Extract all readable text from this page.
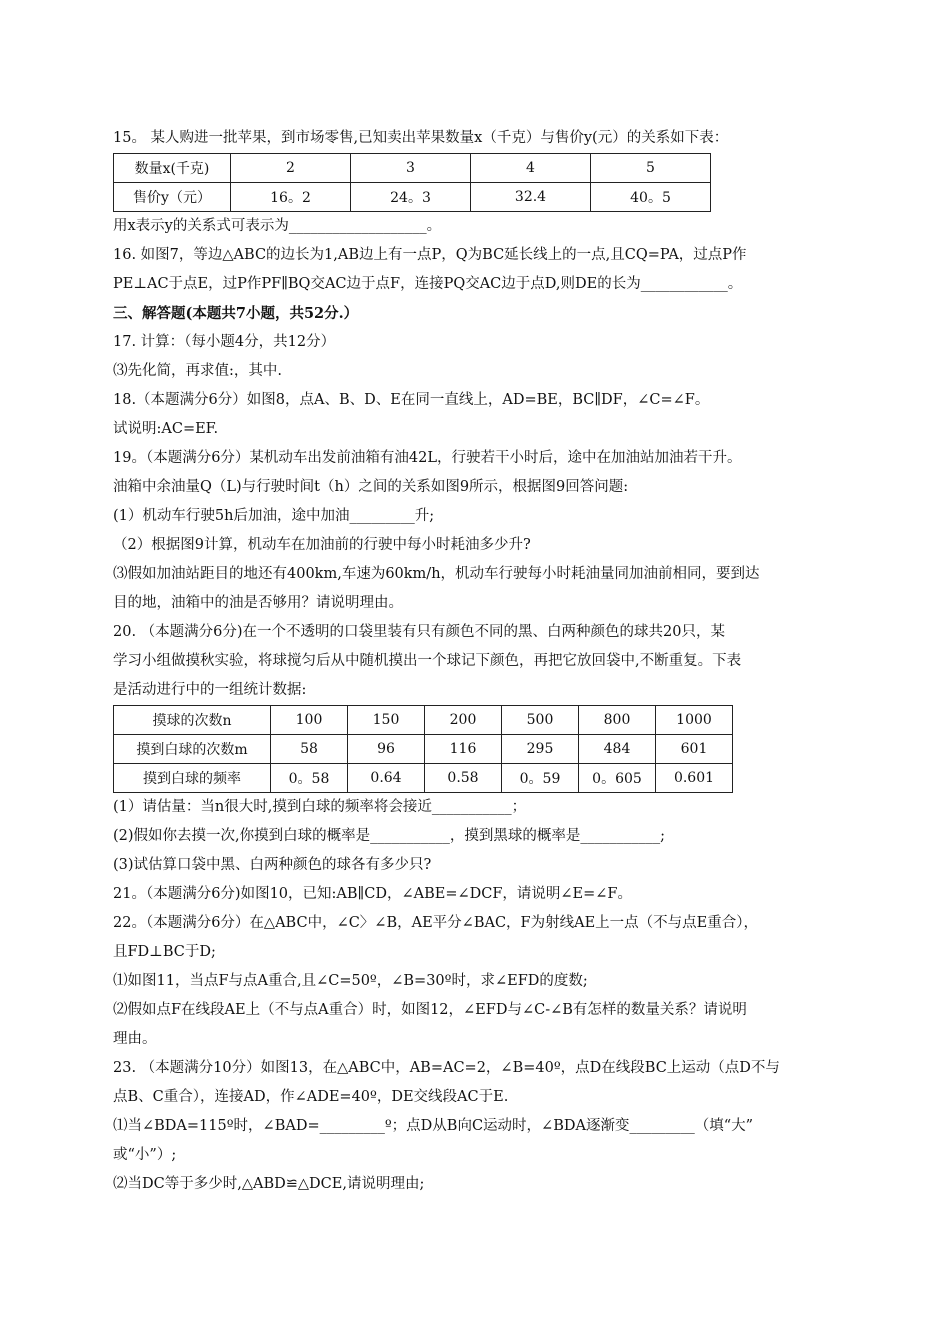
15。 某人购进一批苹果，到市场零售,已知卖出苹果数量x（千克）与售价y(元）的关系如下表：
数量x(千克)	2	3	4	5
售价y（元）	16。2	24。3	32.4	40。5
用x表示y的关系式可表示为___________________。
16. 如图7，等边△ABC的边长为1,AB边上有一点P，Q为BC延长线上的一点,且CQ=PA，过点P作
PE⊥AC于点E，过P作PF∥BQ交AC边于点F，连接PQ交AC边于点D,则DE的长为____________。
三、解答题(本题共7小题，共52分.）
17. 计算：（每小题4分，共12分）
⑶先化简，再求值:，其中.
18.（本题满分6分）如图8，点A、B、D、E在同一直线上，AD=BE，BC∥DF，∠C=∠F。
试说明:AC=EF.
19。（本题满分6分）某机动车出发前油箱有油42L，行驶若干小时后，途中在加油站加油若干升。
油箱中余油量Q（L)与行驶时间t（h）之间的关系如图9所示，根据图9回答问题:
(1）机动车行驶5h后加油，途中加油_________升;
（2）根据图9计算，机动车在加油前的行驶中每小时耗油多少升?
⑶假如加油站距目的地还有400km,车速为60km/h，机动车行驶每小时耗油量同加油前相同，要到达
目的地，油箱中的油是否够用？请说明理由。
20. （本题满分6分)在一个不透明的口袋里装有只有颜色不同的黑、白两种颜色的球共20只，某
学习小组做摸秋实验，将球搅匀后从中随机摸出一个球记下颜色，再把它放回袋中,不断重复。下表
是活动进行中的一组统计数据:
摸球的次数n	100	150	200	500	800	1000
摸到白球的次数m	58	96	116	295	484	601
摸到白球的频率	0。58	0.64	0.58	0。59	0。605	0.601
(1）请估量：当n很大时,摸到白球的频率将会接近___________；
(2)假如你去摸一次,你摸到白球的概率是___________，摸到黑球的概率是___________;
(3)试估算口袋中黑、白两种颜色的球各有多少只?
21。（本题满分6分)如图10，已知:AB∥CD，∠ABE=∠DCF，请说明∠E=∠F。
22。（本题满分6分）在△ABC中，∠C〉∠B，AE平分∠BAC，F为射线AE上一点（不与点E重合），
且FD⊥BC于D;
⑴如图11，当点F与点A重合,且∠C=50º，∠B=30º时，求∠EFD的度数;
⑵假如点F在线段AE上（不与点A重合）时，如图12，∠EFD与∠C-∠B有怎样的数量关系？请说明
理由。
23. （本题满分10分）如图13，在△ABC中，AB=AC=2，∠B=40º，点D在线段BC上运动（点D不与
点B、C重合），连接AD，作∠ADE=40º，DE交线段AC于E.
⑴当∠BDA=115º时，∠BAD=_________º；点D从B向C运动时，∠BDA逐渐变_________（填“大”
或“小”）;
⑵当DC等于多少时,△ABD≌△DCE,请说明理由;
